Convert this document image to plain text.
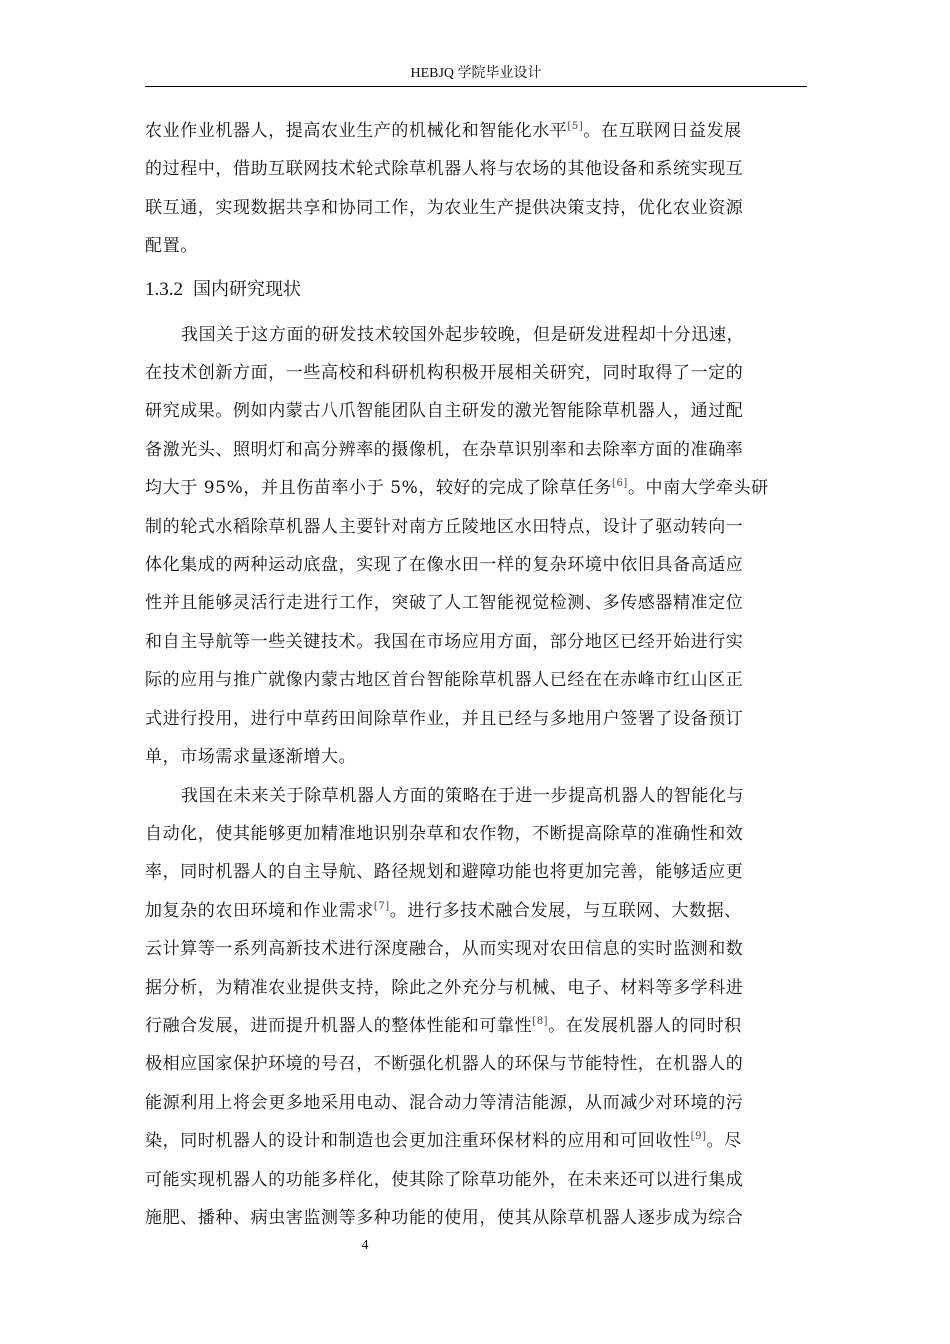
HEBJQ 学院毕业设计

农业作业机器人，提高农业生产的机械化和智能化水平[5]。在互联网日益发展

的过程中，借助互联网技术轮式除草机器人将与农场的其他设备和系统实现互

联互通，实现数据共享和协同工作，为农业生产提供决策支持，优化农业资源

配置。

1.3.2 国内研究现状

我国关于这方面的研发技术较国外起步较晚，但是研发进程却十分迅速，

在技术创新方面，一些高校和科研机构积极开展相关研究，同时取得了一定的

研究成果。例如内蒙古八爪智能团队自主研发的激光智能除草机器人，通过配

备激光头、照明灯和高分辨率的摄像机，在杂草识别率和去除率方面的准确率

均大于 95%，并且伤苗率小于 5%，较好的完成了除草任务[6]。中南大学牵头研

制的轮式水稻除草机器人主要针对南方丘陵地区水田特点，设计了驱动转向一

体化集成的两种运动底盘，实现了在像水田一样的复杂环境中依旧具备高适应

性并且能够灵活行走进行工作，突破了人工智能视觉检测、多传感器精准定位

和自主导航等一些关键技术。我国在市场应用方面，部分地区已经开始进行实

际的应用与推广就像内蒙古地区首台智能除草机器人已经在在赤峰市红山区正

式进行投用，进行中草药田间除草作业，并且已经与多地用户签署了设备预订

单，市场需求量逐渐增大。

我国在未来关于除草机器人方面的策略在于进一步提高机器人的智能化与

自动化，使其能够更加精准地识别杂草和农作物，不断提高除草的准确性和效

率，同时机器人的自主导航、路径规划和避障功能也将更加完善，能够适应更

加复杂的农田环境和作业需求[7]。进行多技术融合发展，与互联网、大数据、

云计算等一系列高新技术进行深度融合，从而实现对农田信息的实时监测和数

据分析，为精准农业提供支持，除此之外充分与机械、电子、材料等多学科进

行融合发展，进而提升机器人的整体性能和可靠性[8]。在发展机器人的同时积

极相应国家保护环境的号召，不断强化机器人的环保与节能特性，在机器人的

能源利用上将会更多地采用电动、混合动力等清洁能源，从而减少对环境的污

染，同时机器人的设计和制造也会更加注重环保材料的应用和可回收性[9]。尽

可能实现机器人的功能多样化，使其除了除草功能外，在未来还可以进行集成

施肥、播种、病虫害监测等多种功能的使用，使其从除草机器人逐步成为综合

4
